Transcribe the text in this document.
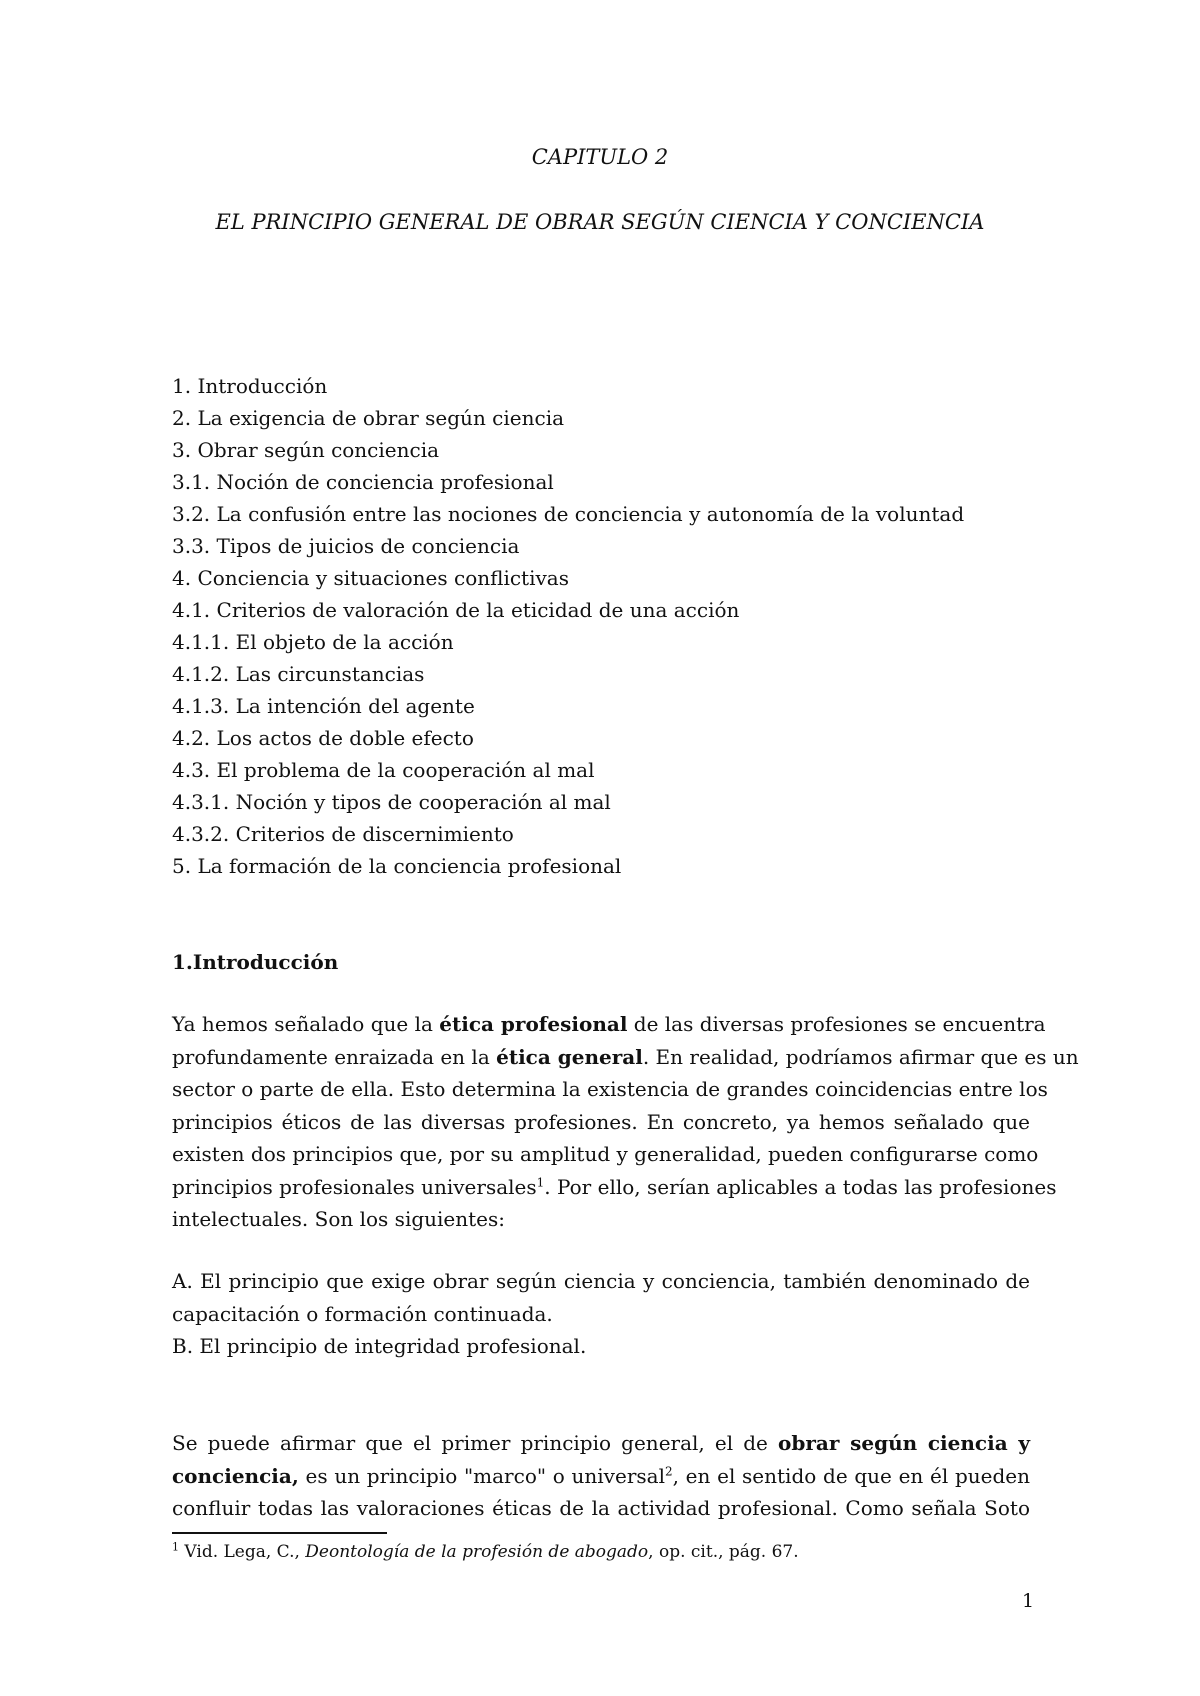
CAPITULO 2
EL PRINCIPIO GENERAL DE OBRAR SEGÚN CIENCIA Y CONCIENCIA
1. Introducción
2. La exigencia de obrar según ciencia
3. Obrar según conciencia
3.1. Noción de conciencia profesional
3.2. La confusión entre las nociones de conciencia y autonomía de la voluntad
3.3. Tipos de juicios de conciencia
4. Conciencia y situaciones conflictivas
4.1. Criterios de valoración de la eticidad de una acción
4.1.1. El objeto de la acción
4.1.2. Las circunstancias
4.1.3. La intención del agente
4.2. Los actos de doble efecto
4.3. El problema de la cooperación al mal
4.3.1. Noción y tipos de cooperación al mal
4.3.2. Criterios de discernimiento
5. La formación de la conciencia profesional
1.Introducción
Ya hemos señalado que la ética profesional de las diversas profesiones se encuentra
profundamente enraizada en la ética general. En realidad, podríamos afirmar que es un
sector o parte de ella. Esto determina la existencia de grandes coincidencias entre los
principios éticos de las diversas profesiones. En concreto, ya hemos señalado que
existen dos principios que, por su amplitud y generalidad, pueden configurarse como
principios profesionales universales$^1$. Por ello, serían aplicables a todas las profesiones
intelectuales. Son los siguientes:
A. El principio que exige obrar según ciencia y conciencia, también denominado de
capacitación o formación continuada.
B. El principio de integridad profesional.
Se puede afirmar que el primer principio general, el de obrar según ciencia y
conciencia, es un principio "marco" o universal$^2$, en el sentido de que en él pueden
confluir todas las valoraciones éticas de la actividad profesional. Como señala Soto
$^1$ Vid. Lega, C., Deontología de la profesión de abogado, op. cit., pág. 67.
1
